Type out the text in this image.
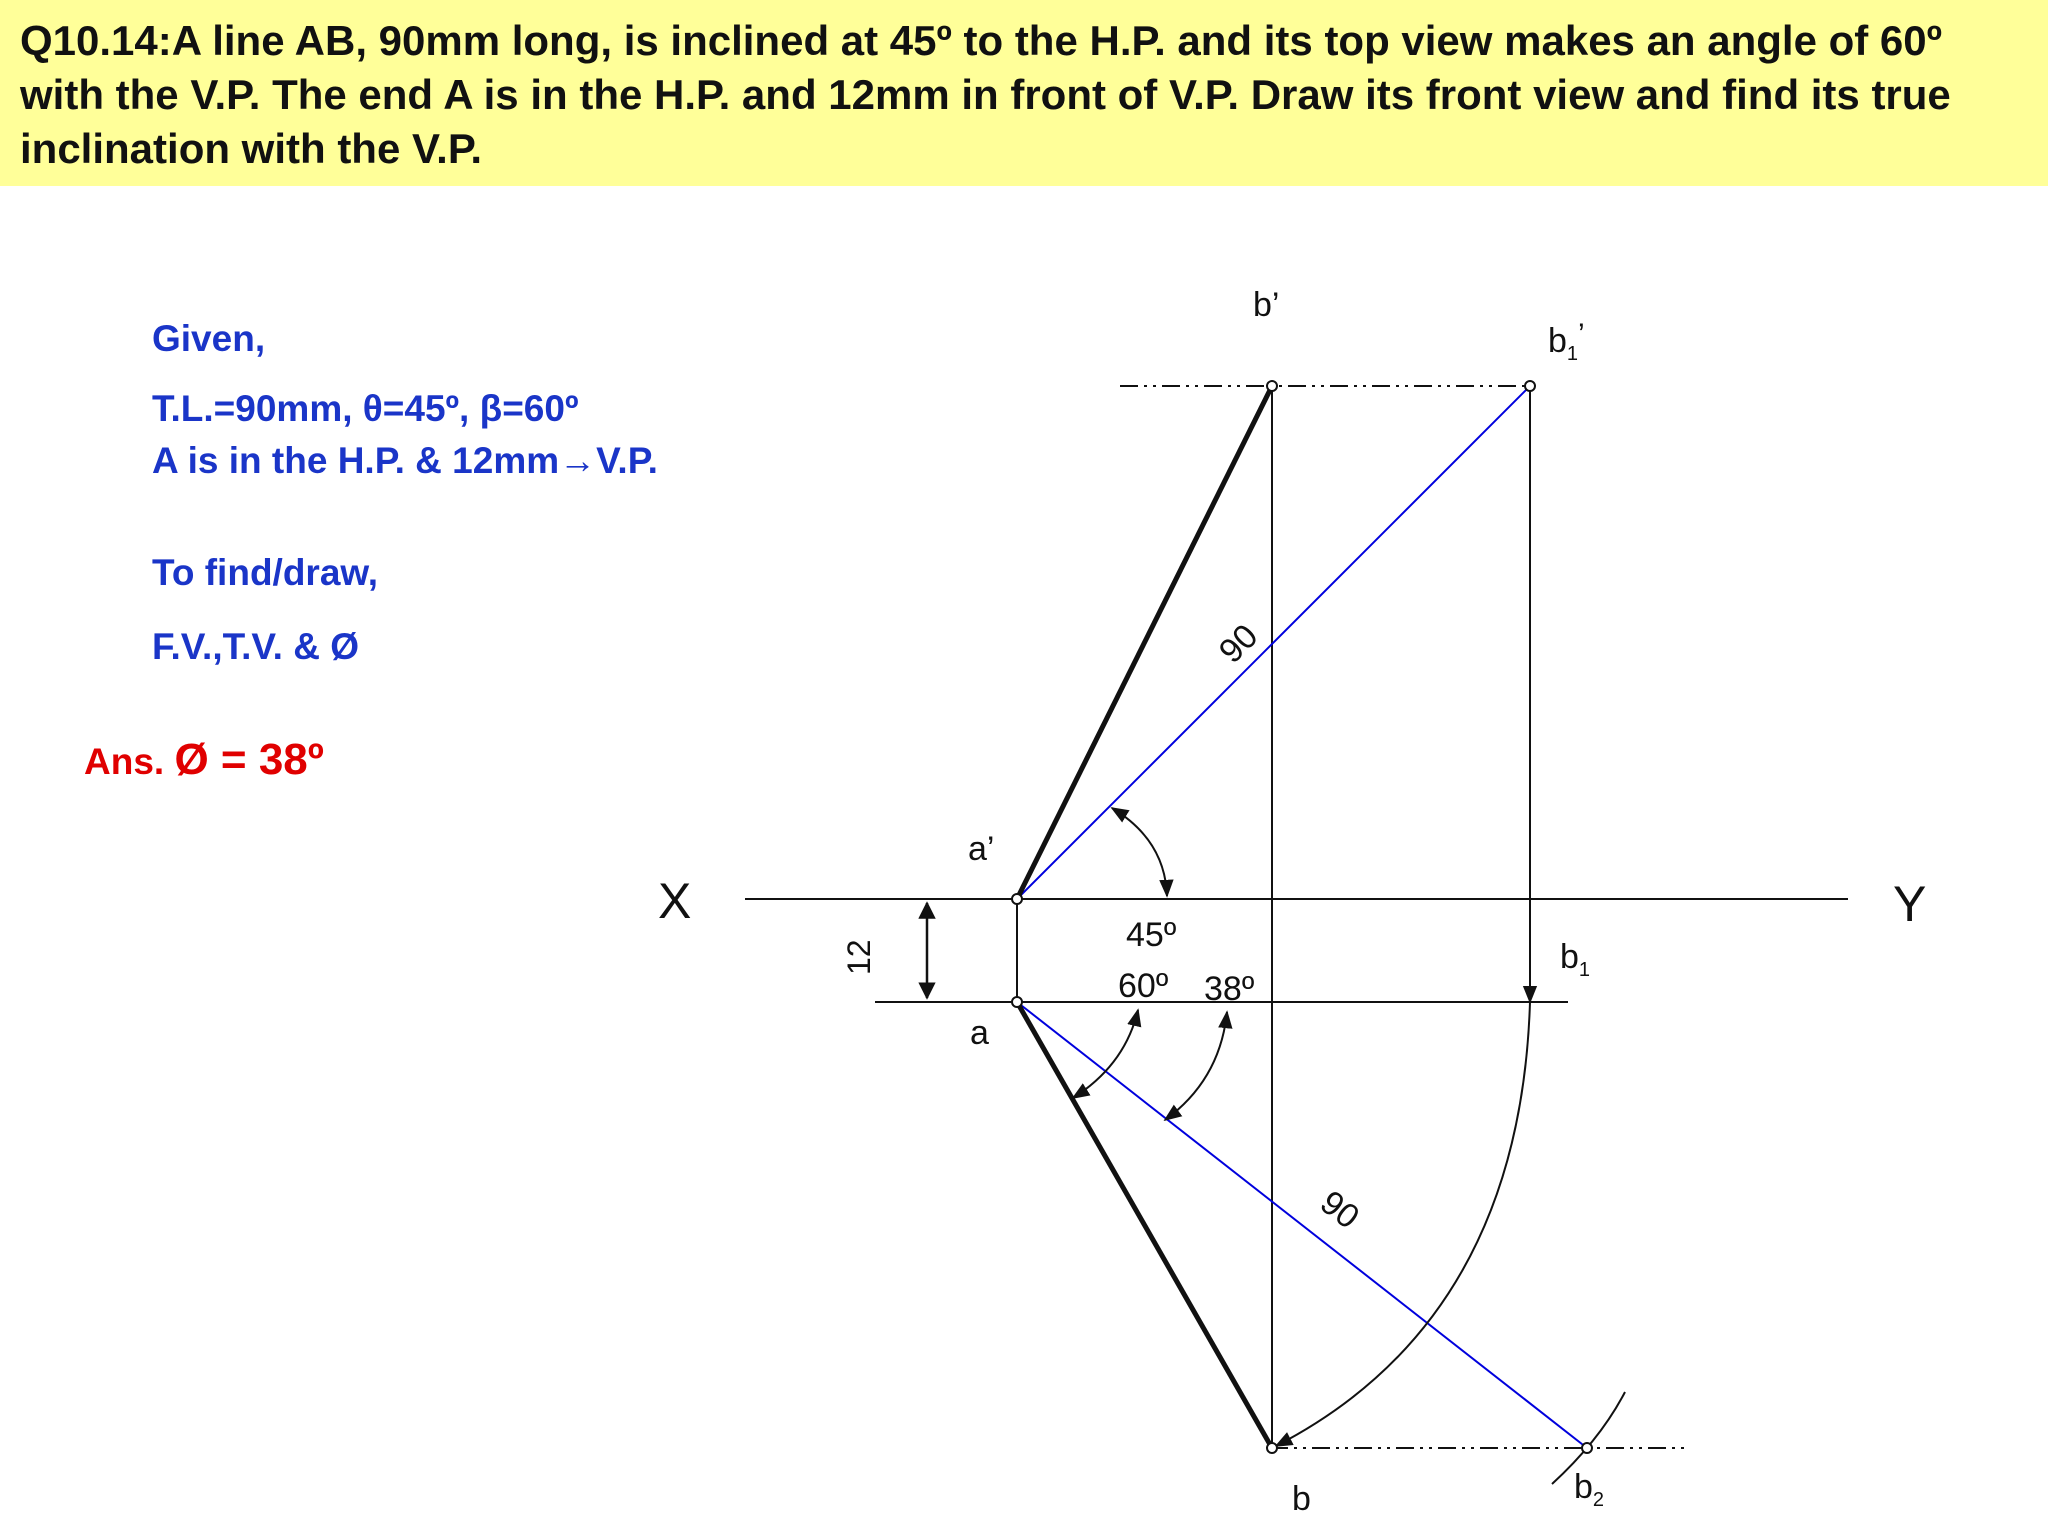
Q10.14:A line AB, 90mm long, is inclined at 45º to the H.P. and its top view makes an angle of 60º with the V.P. The end A is in the H.P. and 12mm in front of V.P. Draw its front view and find its true inclination with the V.P.
Given,
T.L.=90mm, θ=45º, β=60º
A is in the H.P. & 12mm→V.P.
To find/draw,
F.V.,T.V. & Ø
Ans. Ø = 38º
X	Y
a’
a
b’
b
$b_1$’
$b_1$
$b_2$
12
90
90
45º
60º 38º
